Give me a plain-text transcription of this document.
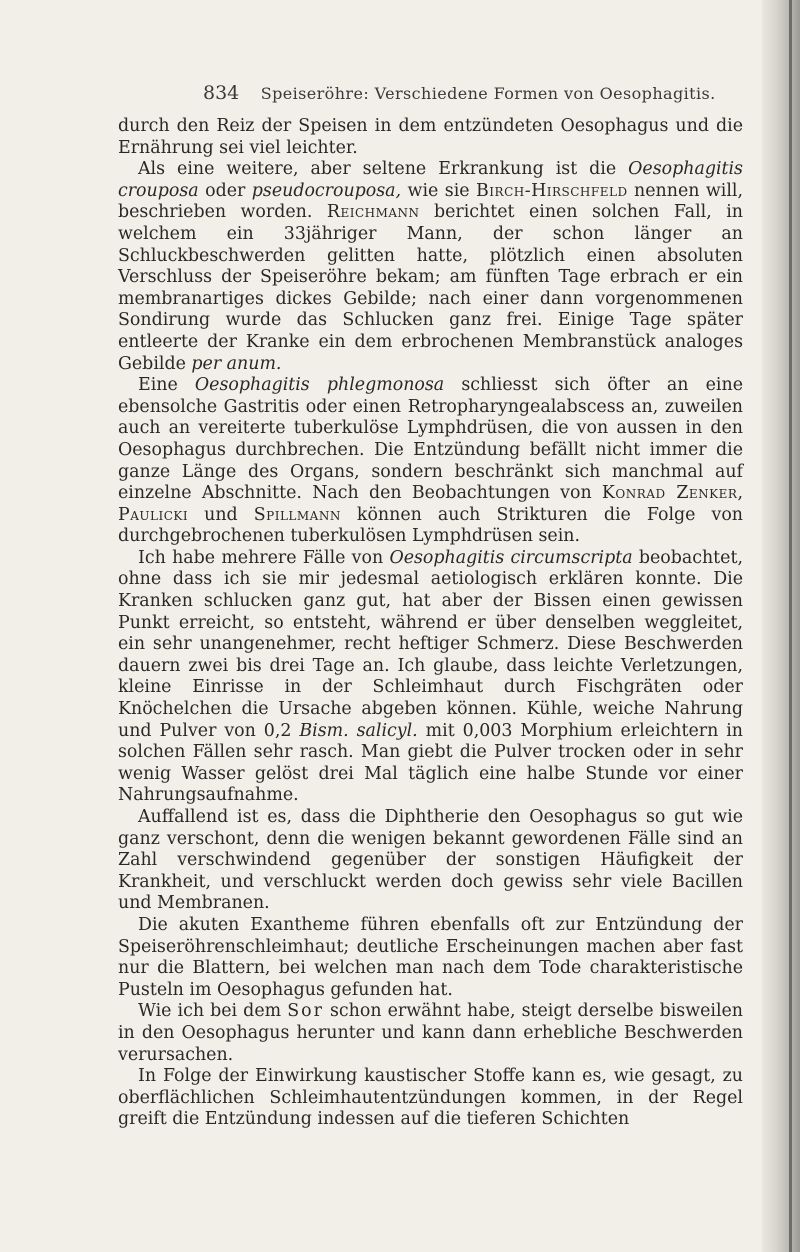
834 Speiseröhre: Verschiedene Formen von Oesophagitis.

durch den Reiz der Speisen in dem entzündeten Oesophagus und die Ernährung sei viel leichter.

Als eine weitere, aber seltene Erkrankung ist die Oesophagitis crouposa oder pseudocrouposa, wie sie Birch-Hirschfeld nennen will, beschrieben worden. Reichmann berichtet einen solchen Fall, in welchem ein 33jähriger Mann, der schon länger an Schluckbeschwerden gelitten hatte, plötzlich einen absoluten Verschluss der Speiseröhre bekam; am fünften Tage erbrach er ein membranartiges dickes Gebilde; nach einer dann vorgenommenen Sondirung wurde das Schlucken ganz frei. Einige Tage später entleerte der Kranke ein dem erbrochenen Membranstück analoges Gebilde per anum.

Eine Oesophagitis phlegmonosa schliesst sich öfter an eine ebensolche Gastritis oder einen Retropharyngealabscess an, zuweilen auch an vereiterte tuberkulöse Lymphdrüsen, die von aussen in den Oesophagus durchbrechen. Die Entzündung befällt nicht immer die ganze Länge des Organs, sondern beschränkt sich manchmal auf einzelne Abschnitte. Nach den Beobachtungen von Konrad Zenker, Paulicki und Spillmann können auch Strikturen die Folge von durchgebrochenen tuberkulösen Lymphdrüsen sein.

Ich habe mehrere Fälle von Oesophagitis circumscripta beobachtet, ohne dass ich sie mir jedesmal aetiologisch erklären konnte. Die Kranken schlucken ganz gut, hat aber der Bissen einen gewissen Punkt erreicht, so entsteht, während er über denselben weggleitet, ein sehr unangenehmer, recht heftiger Schmerz. Diese Beschwerden dauern zwei bis drei Tage an. Ich glaube, dass leichte Verletzungen, kleine Einrisse in der Schleimhaut durch Fischgräten oder Knöchelchen die Ursache abgeben können. Kühle, weiche Nahrung und Pulver von 0,2 Bism. salicyl. mit 0,003 Morphium erleichtern in solchen Fällen sehr rasch. Man giebt die Pulver trocken oder in sehr wenig Wasser gelöst drei Mal täglich eine halbe Stunde vor einer Nahrungsaufnahme.

Auffallend ist es, dass die Diphtherie den Oesophagus so gut wie ganz verschont, denn die wenigen bekannt gewordenen Fälle sind an Zahl verschwindend gegenüber der sonstigen Häufigkeit der Krankheit, und verschluckt werden doch gewiss sehr viele Bacillen und Membranen.

Die akuten Exantheme führen ebenfalls oft zur Entzündung der Speiseröhrenschleimhaut; deutliche Erscheinungen machen aber fast nur die Blattern, bei welchen man nach dem Tode charakteristische Pusteln im Oesophagus gefunden hat.

Wie ich bei dem Sor schon erwähnt habe, steigt derselbe bisweilen in den Oesophagus herunter und kann dann erhebliche Beschwerden verursachen.

In Folge der Einwirkung kaustischer Stoffe kann es, wie gesagt, zu oberflächlichen Schleimhautentzündungen kommen, in der Regel greift die Entzündung indessen auf die tieferen Schichten
